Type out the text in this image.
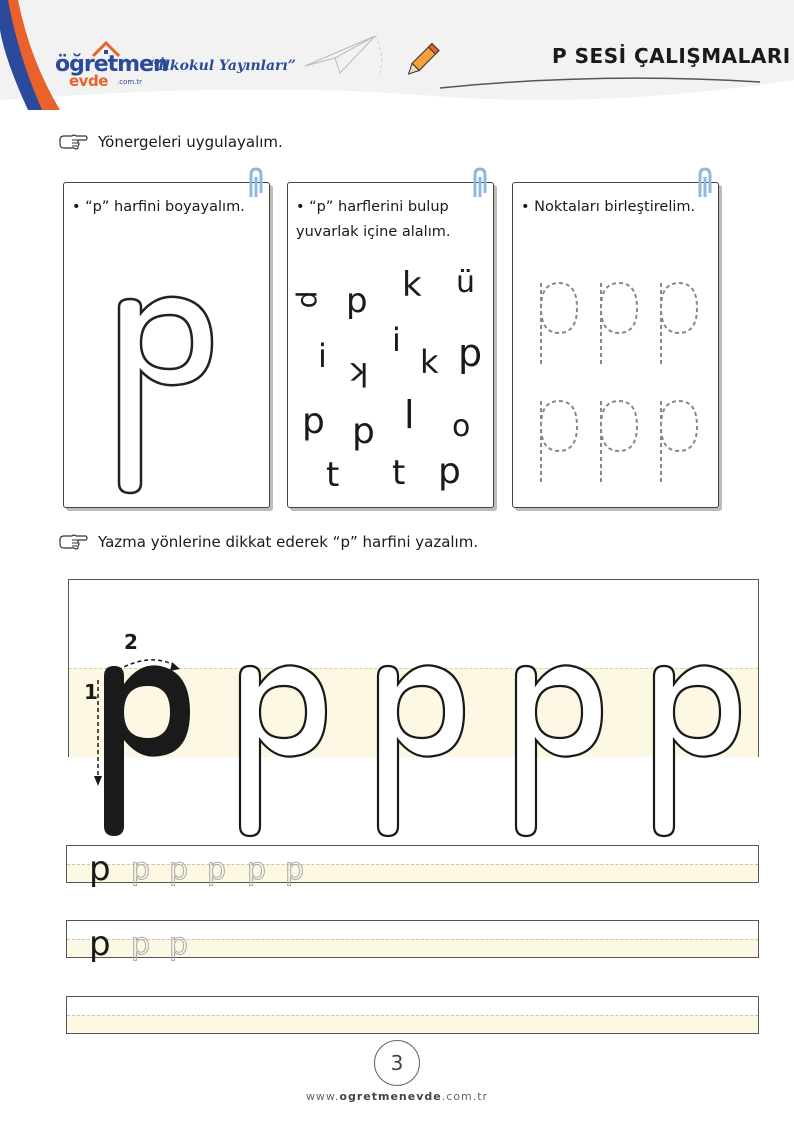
öğretmen
evde .com.tr
“İlkokul Yayınları”	P SESİ ÇALIŞMALARI
Yönergeleri uygulayalım.
• “p” harfini boyayalım.	• “p” harflerini bulup yuvarlak içine alalım.
p p k ü
i i
k k p
p p l o
t t p
• Noktaları birleştirelim.
Yazma yönlerine dikkat ederek “p” harfini yazalım.
1
2
p p p p p p
p p p
3
www.ogretmenevde.com.tr
